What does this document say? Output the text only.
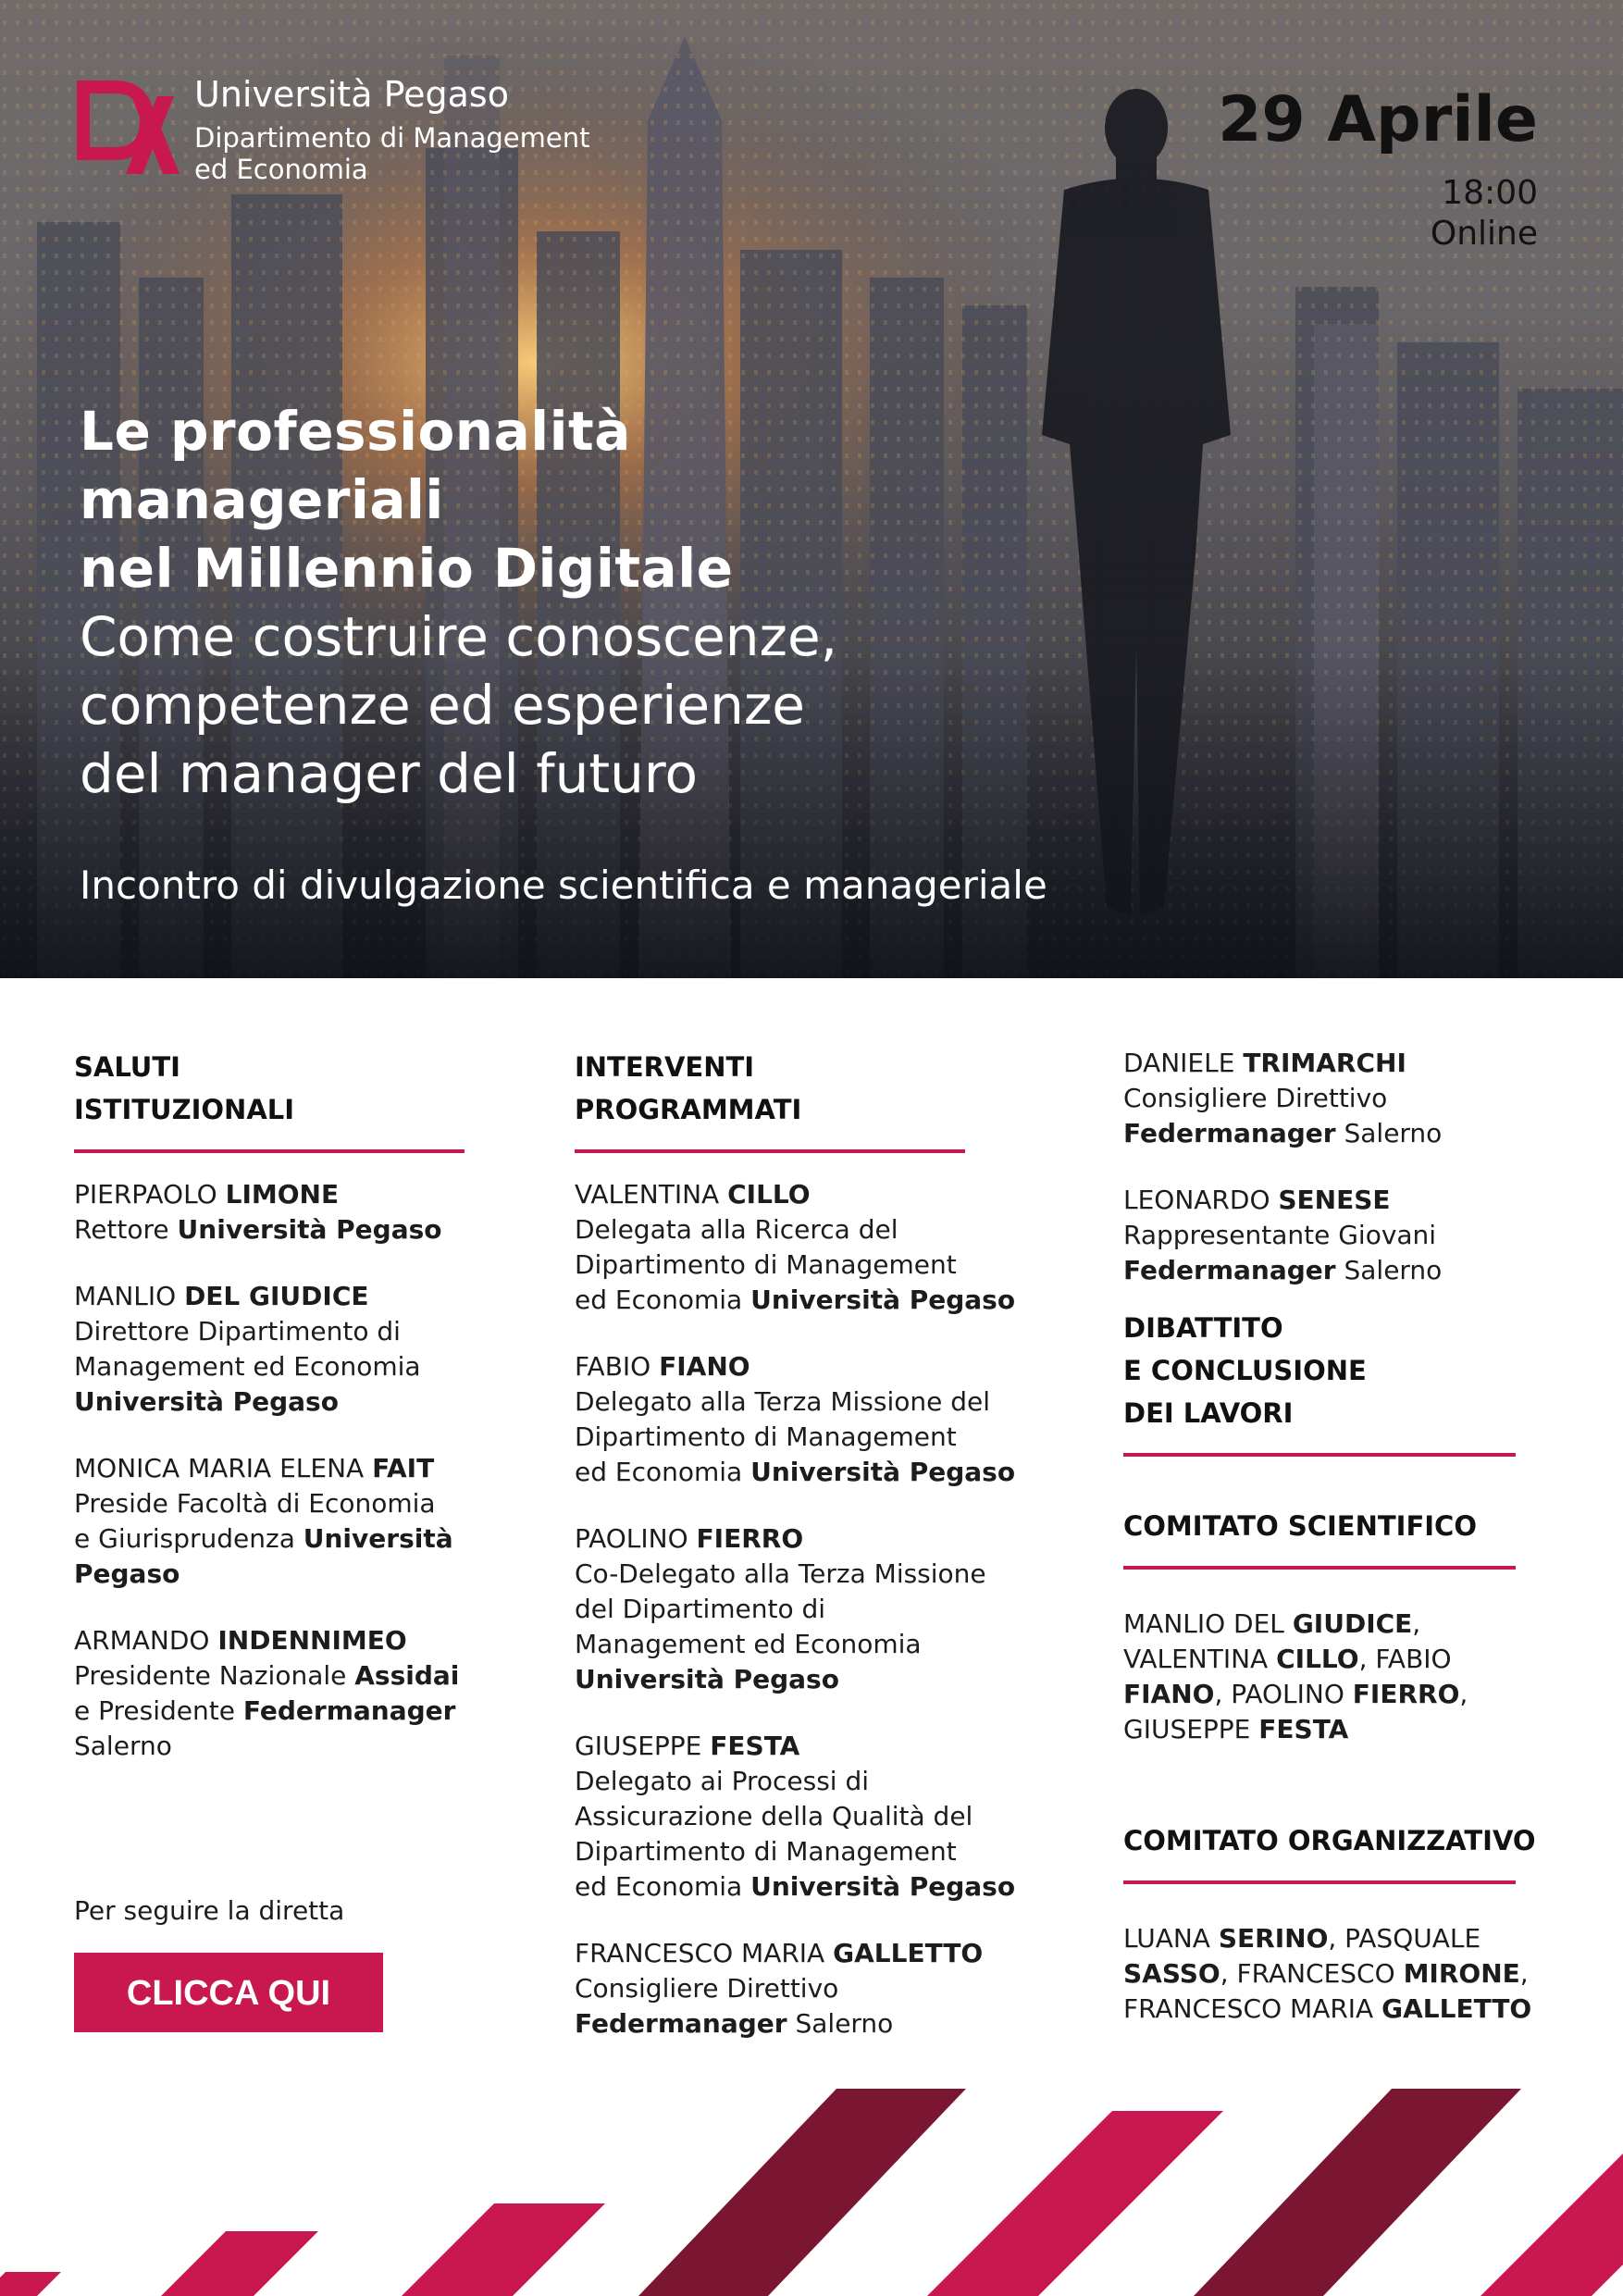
Università Pegaso
Dipartimento di Management
ed Economia
29 Aprile
18:00
Online
Le professionalità
manageriali
nel Millennio Digitale
Come costruire conoscenze,
competenze ed esperienze
del manager del futuro
Incontro di divulgazione scientifica e manageriale
SALUTI
ISTITUZIONALI
PIERPAOLO LIMONE
Rettore Università Pegaso
MANLIO DEL GIUDICE
Direttore Dipartimento di
Management ed Economia
Università Pegaso
MONICA MARIA ELENA FAIT
Preside Facoltà di Economia
e Giurisprudenza Università
Pegaso
ARMANDO INDENNIMEO
Presidente Nazionale Assidai
e Presidente Federmanager
Salerno
Per seguire la diretta
CLICCA QUI
INTERVENTI
PROGRAMMATI
VALENTINA CILLO
Delegata alla Ricerca del
Dipartimento di Management
ed Economia Università Pegaso
FABIO FIANO
Delegato alla Terza Missione del
Dipartimento di Management
ed Economia Università Pegaso
PAOLINO FIERRO
Co-Delegato alla Terza Missione
del Dipartimento di
Management ed Economia
Università Pegaso
GIUSEPPE FESTA
Delegato ai Processi di
Assicurazione della Qualità del
Dipartimento di Management
ed Economia Università Pegaso
FRANCESCO MARIA GALLETTO
Consigliere Direttivo
Federmanager Salerno
DANIELE TRIMARCHI
Consigliere Direttivo
Federmanager Salerno
LEONARDO SENESE
Rappresentante Giovani
Federmanager Salerno
DIBATTITO
E CONCLUSIONE
DEI LAVORI
COMITATO SCIENTIFICO
MANLIO DEL GIUDICE,
VALENTINA CILLO, FABIO
FIANO, PAOLINO FIERRO,
GIUSEPPE FESTA
COMITATO ORGANIZZATIVO
LUANA SERINO, PASQUALE
SASSO, FRANCESCO MIRONE,
FRANCESCO MARIA GALLETTO
